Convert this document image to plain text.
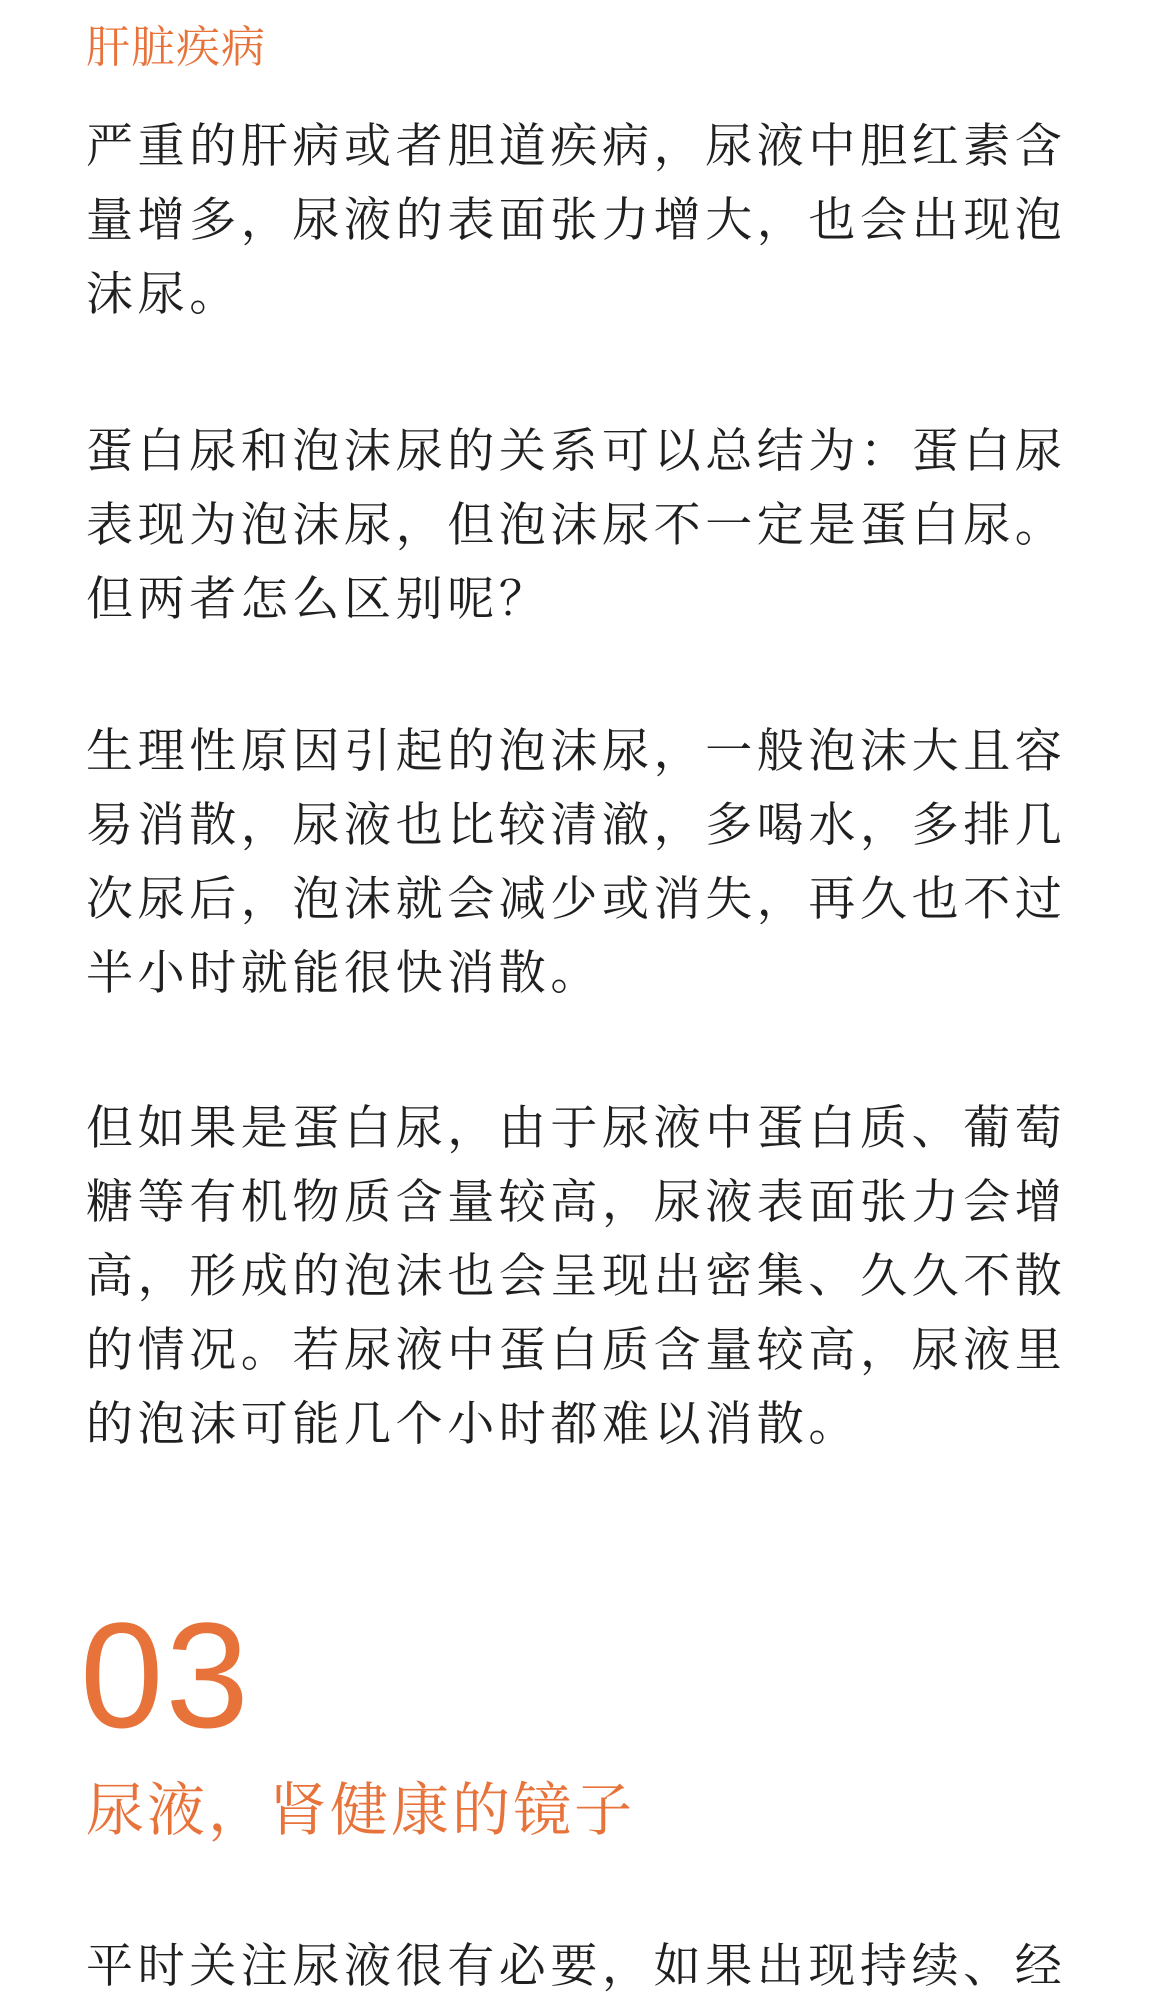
肝脏疾病
严重的肝病或者胆道疾病，尿液中胆红素含
量增多，尿液的表面张力增大，也会出现泡
沫尿。
蛋白尿和泡沫尿的关系可以总结为：蛋白尿
表现为泡沫尿，但泡沫尿不一定是蛋白尿。
但两者怎么区别呢？
生理性原因引起的泡沫尿，一般泡沫大且容
易消散，尿液也比较清澈，多喝水，多排几
次尿后，泡沫就会减少或消失，再久也不过
半小时就能很快消散。
但如果是蛋白尿，由于尿液中蛋白质、葡萄
糖等有机物质含量较高，尿液表面张力会增
高，形成的泡沫也会呈现出密集、久久不散
的情况。若尿液中蛋白质含量较高，尿液里
的泡沫可能几个小时都难以消散。
03
尿液，肾健康的镜子
平时关注尿液很有必要，如果出现持续、经
